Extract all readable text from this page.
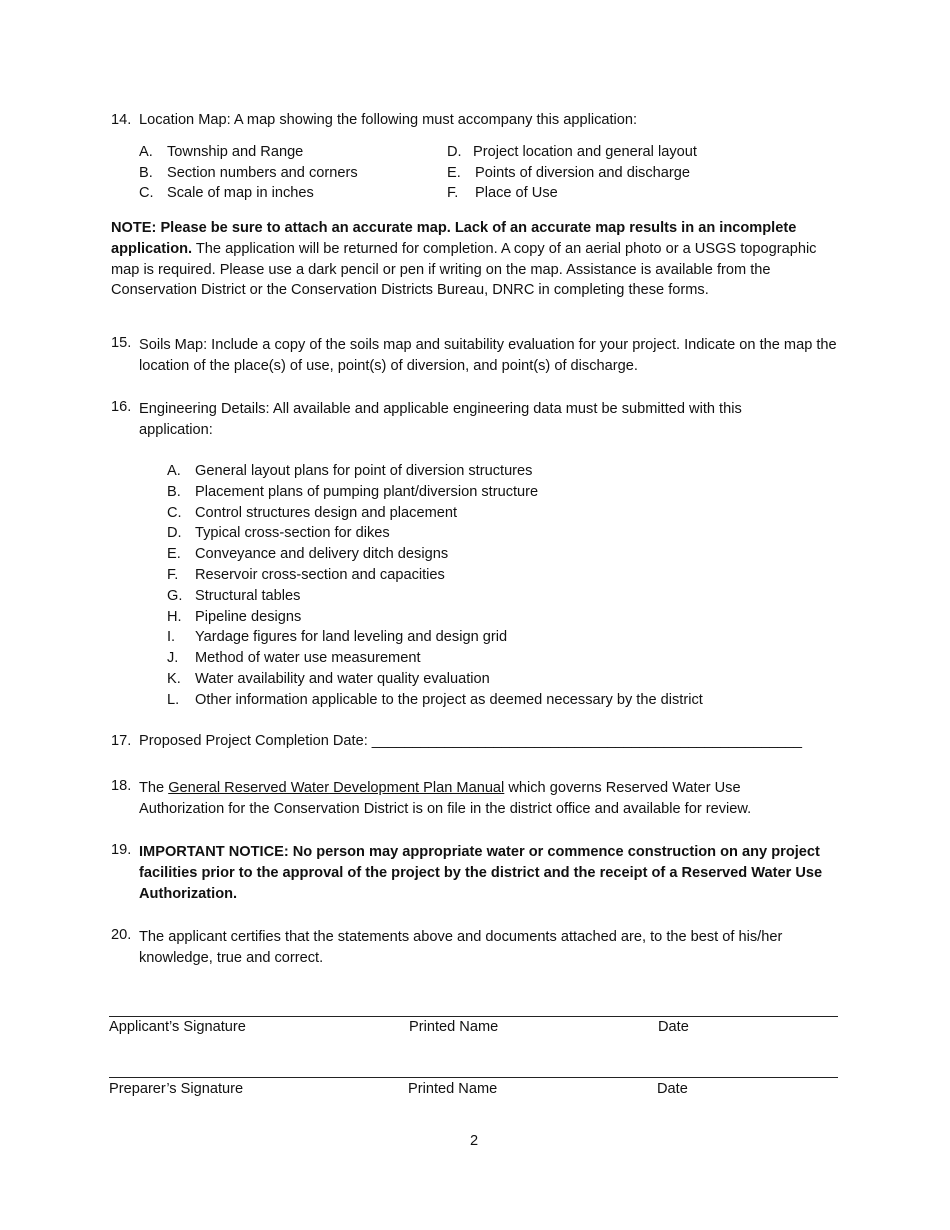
14. Location Map: A map showing the following must accompany this application:
A. Township and Range
B. Section numbers and corners
C. Scale of map in inches
D. Project location and general layout
E. Points of diversion and discharge
F. Place of Use
NOTE: Please be sure to attach an accurate map. Lack of an accurate map results in an incomplete application. The application will be returned for completion. A copy of an aerial photo or a USGS topographic map is required. Please use a dark pencil or pen if writing on the map. Assistance is available from the Conservation District or the Conservation Districts Bureau, DNRC in completing these forms.
15. Soils Map: Include a copy of the soils map and suitability evaluation for your project. Indicate on the map the location of the place(s) of use, point(s) of diversion, and point(s) of discharge.
16. Engineering Details: All available and applicable engineering data must be submitted with this application:
A. General layout plans for point of diversion structures
B. Placement plans of pumping plant/diversion structure
C. Control structures design and placement
D. Typical cross-section for dikes
E. Conveyance and delivery ditch designs
F. Reservoir cross-section and capacities
G. Structural tables
H. Pipeline designs
I. Yardage figures for land leveling and design grid
J. Method of water use measurement
K. Water availability and water quality evaluation
L. Other information applicable to the project as deemed necessary by the district
17. Proposed Project Completion Date: _____________________________________________________
18. The General Reserved Water Development Plan Manual which governs Reserved Water Use Authorization for the Conservation District is on file in the district office and available for review.
19. IMPORTANT NOTICE: No person may appropriate water or commence construction on any project facilities prior to the approval of the project by the district and the receipt of a Reserved Water Use Authorization.
20. The applicant certifies that the statements above and documents attached are, to the best of his/her knowledge, true and correct.
Applicant’s Signature	Printed Name	Date
Preparer’s Signature	Printed Name	Date
2
